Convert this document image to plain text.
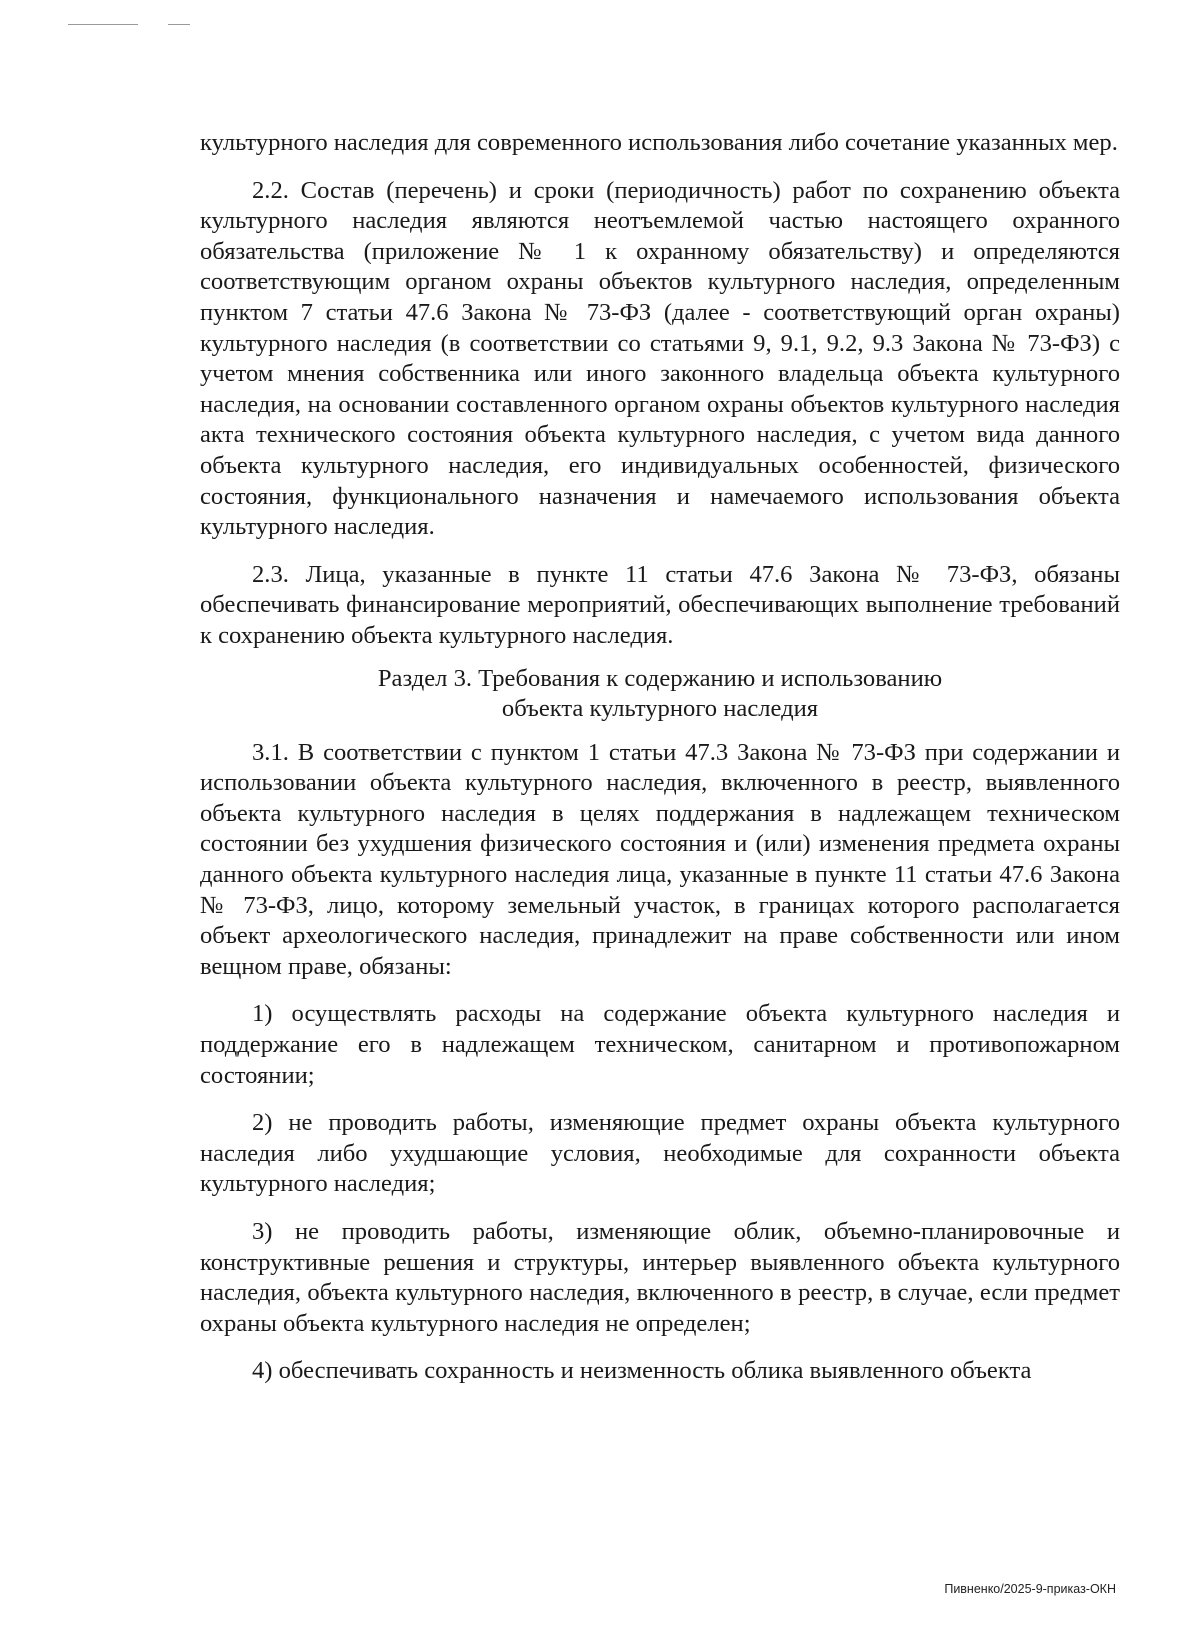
культурного наследия для современного использования либо сочетание указанных мер.

2.2. Состав (перечень) и сроки (периодичность) работ по сохранению объекта культурного наследия являются неотъемлемой частью настоящего охранного обязательства (приложение № 1 к охранному обязательству) и определяются соответствующим органом охраны объектов культурного наследия, определенным пунктом 7 статьи 47.6 Закона № 73-ФЗ (далее - соответствующий орган охраны) культурного наследия (в соответствии со статьями 9, 9.1, 9.2, 9.3 Закона № 73-ФЗ) с учетом мнения собственника или иного законного владельца объекта культурного наследия, на основании составленного органом охраны объектов культурного наследия акта технического состояния объекта культурного наследия, с учетом вида данного объекта культурного наследия, его индивидуальных особенностей, физического состояния, функционального назначения и намечаемого использования объекта культурного наследия.

2.3. Лица, указанные в пункте 11 статьи 47.6 Закона № 73-ФЗ, обязаны обеспечивать финансирование мероприятий, обеспечивающих выполнение требований к сохранению объекта культурного наследия.

Раздел 3. Требования к содержанию и использованию
объекта культурного наследия

3.1. В соответствии с пунктом 1 статьи 47.3 Закона № 73-ФЗ при содержании и использовании объекта культурного наследия, включенного в реестр, выявленного объекта культурного наследия в целях поддержания в надлежащем техническом состоянии без ухудшения физического состояния и (или) изменения предмета охраны данного объекта культурного наследия лица, указанные в пункте 11 статьи 47.6 Закона № 73-ФЗ, лицо, которому земельный участок, в границах которого располагается объект археологического наследия, принадлежит на праве собственности или ином вещном праве, обязаны:

1) осуществлять расходы на содержание объекта культурного наследия и поддержание его в надлежащем техническом, санитарном и противопожарном состоянии;

2) не проводить работы, изменяющие предмет охраны объекта культурного наследия либо ухудшающие условия, необходимые для сохранности объекта культурного наследия;

3) не проводить работы, изменяющие облик, объемно-планировочные и конструктивные решения и структуры, интерьер выявленного объекта культурного наследия, объекта культурного наследия, включенного в реестр, в случае, если предмет охраны объекта культурного наследия не определен;

4) обеспечивать сохранность и неизменность облика выявленного объекта

Пивненко/2025-9-приказ-ОКН
